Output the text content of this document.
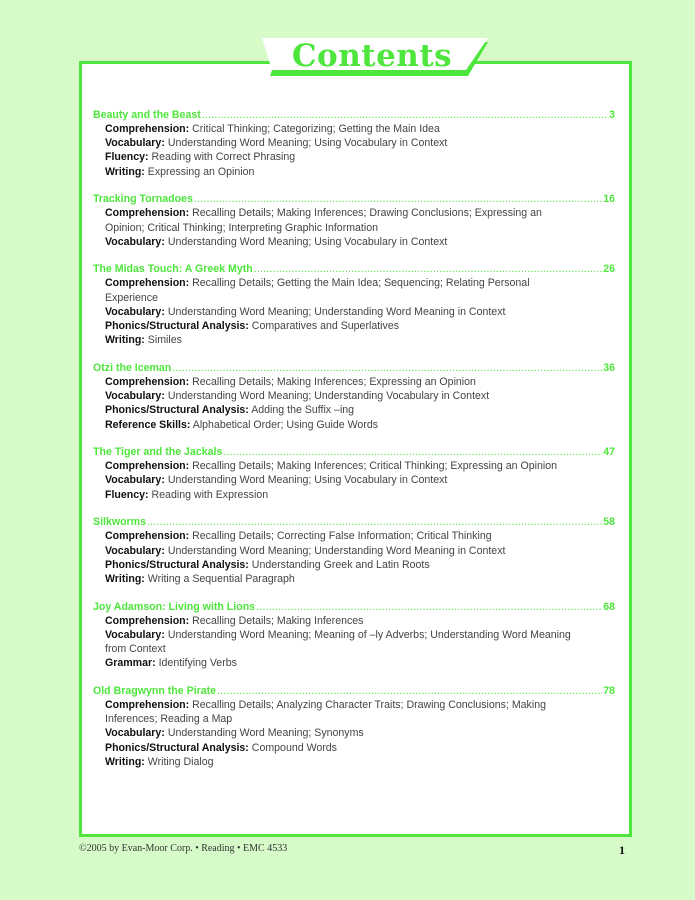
Contents
Beauty and the Beast .....	3
Comprehension: Critical Thinking; Categorizing; Getting the Main Idea
Vocabulary: Understanding Word Meaning; Using Vocabulary in Context
Fluency: Reading with Correct Phrasing
Writing: Expressing an Opinion
Tracking Tornadoes .....	16
Comprehension: Recalling Details; Making Inferences; Drawing Conclusions; Expressing an Opinion; Critical Thinking; Interpreting Graphic Information
Vocabulary: Understanding Word Meaning; Using Vocabulary in Context
The Midas Touch: A Greek Myth .....	26
Comprehension: Recalling Details; Getting the Main Idea; Sequencing; Relating Personal Experience
Vocabulary: Understanding Word Meaning; Understanding Word Meaning in Context
Phonics/Structural Analysis: Comparatives and Superlatives
Writing: Similes
Otzi the Iceman .....	36
Comprehension: Recalling Details; Making Inferences; Expressing an Opinion
Vocabulary: Understanding Word Meaning; Understanding Vocabulary in Context
Phonics/Structural Analysis: Adding the Suffix –ing
Reference Skills: Alphabetical Order; Using Guide Words
The Tiger and the Jackals .....	47
Comprehension: Recalling Details; Making Inferences; Critical Thinking; Expressing an Opinion
Vocabulary: Understanding Word Meaning; Using Vocabulary in Context
Fluency: Reading with Expression
Silkworms .....	58
Comprehension: Recalling Details; Correcting False Information; Critical Thinking
Vocabulary: Understanding Word Meaning; Understanding Word Meaning in Context
Phonics/Structural Analysis: Understanding Greek and Latin Roots
Writing: Writing a Sequential Paragraph
Joy Adamson: Living with Lions .....	68
Comprehension: Recalling Details; Making Inferences
Vocabulary: Understanding Word Meaning; Meaning of –ly Adverbs; Understanding Word Meaning from Context
Grammar: Identifying Verbs
Old Bragwynn the Pirate .....	78
Comprehension: Recalling Details; Analyzing Character Traits; Drawing Conclusions; Making Inferences; Reading a Map
Vocabulary: Understanding Word Meaning; Synonyms
Phonics/Structural Analysis: Compound Words
Writing: Writing Dialog
©2005 by Evan-Moor Corp. • Reading • EMC 4533	1
